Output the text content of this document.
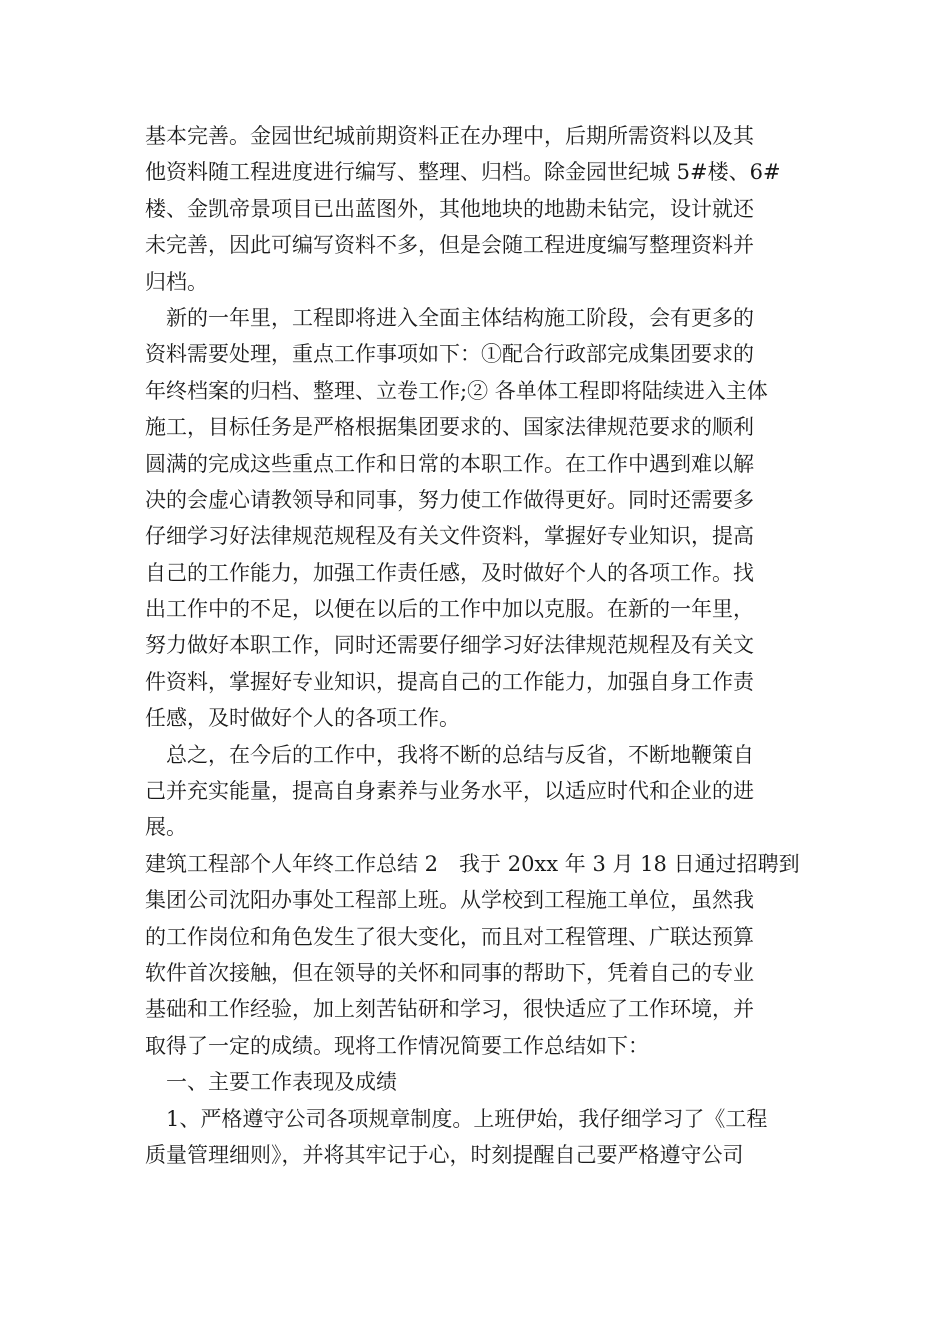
基本完善。金园世纪城前期资料正在办理中，后期所需资料以及其
他资料随工程进度进行编写、整理、归档。除金园世纪城 5#楼、6#
楼、金凯帝景项目已出蓝图外，其他地块的地勘未钻完，设计就还
未完善，因此可编写资料不多，但是会随工程进度编写整理资料并
归档。
新的一年里，工程即将进入全面主体结构施工阶段，会有更多的
资料需要处理，重点工作事项如下：①配合行政部完成集团要求的
年终档案的归档、整理、立卷工作;② 各单体工程即将陆续进入主体
施工，目标任务是严格根据集团要求的、国家法律规范要求的顺利
圆满的完成这些重点工作和日常的本职工作。在工作中遇到难以解
决的会虚心请教领导和同事，努力使工作做得更好。同时还需要多
仔细学习好法律规范规程及有关文件资料，掌握好专业知识，提高
自己的工作能力，加强工作责任感，及时做好个人的各项工作。找
出工作中的不足，以便在以后的工作中加以克服。在新的一年里，
努力做好本职工作，同时还需要仔细学习好法律规范规程及有关文
件资料，掌握好专业知识，提高自己的工作能力，加强自身工作责
任感，及时做好个人的各项工作。
总之，在今后的工作中，我将不断的总结与反省，不断地鞭策自
己并充实能量，提高自身素养与业务水平，以适应时代和企业的进
展。
建筑工程部个人年终工作总结 2　我于 20xx 年 3 月 18 日通过招聘到
集团公司沈阳办事处工程部上班。从学校到工程施工单位，虽然我
的工作岗位和角色发生了很大变化，而且对工程管理、广联达预算
软件首次接触，但在领导的关怀和同事的帮助下，凭着自己的专业
基础和工作经验，加上刻苦钻研和学习，很快适应了工作环境，并
取得了一定的成绩。现将工作情况简要工作总结如下：
一、主要工作表现及成绩
1、严格遵守公司各项规章制度。上班伊始，我仔细学习了《工程
质量管理细则》，并将其牢记于心，时刻提醒自己要严格遵守公司
